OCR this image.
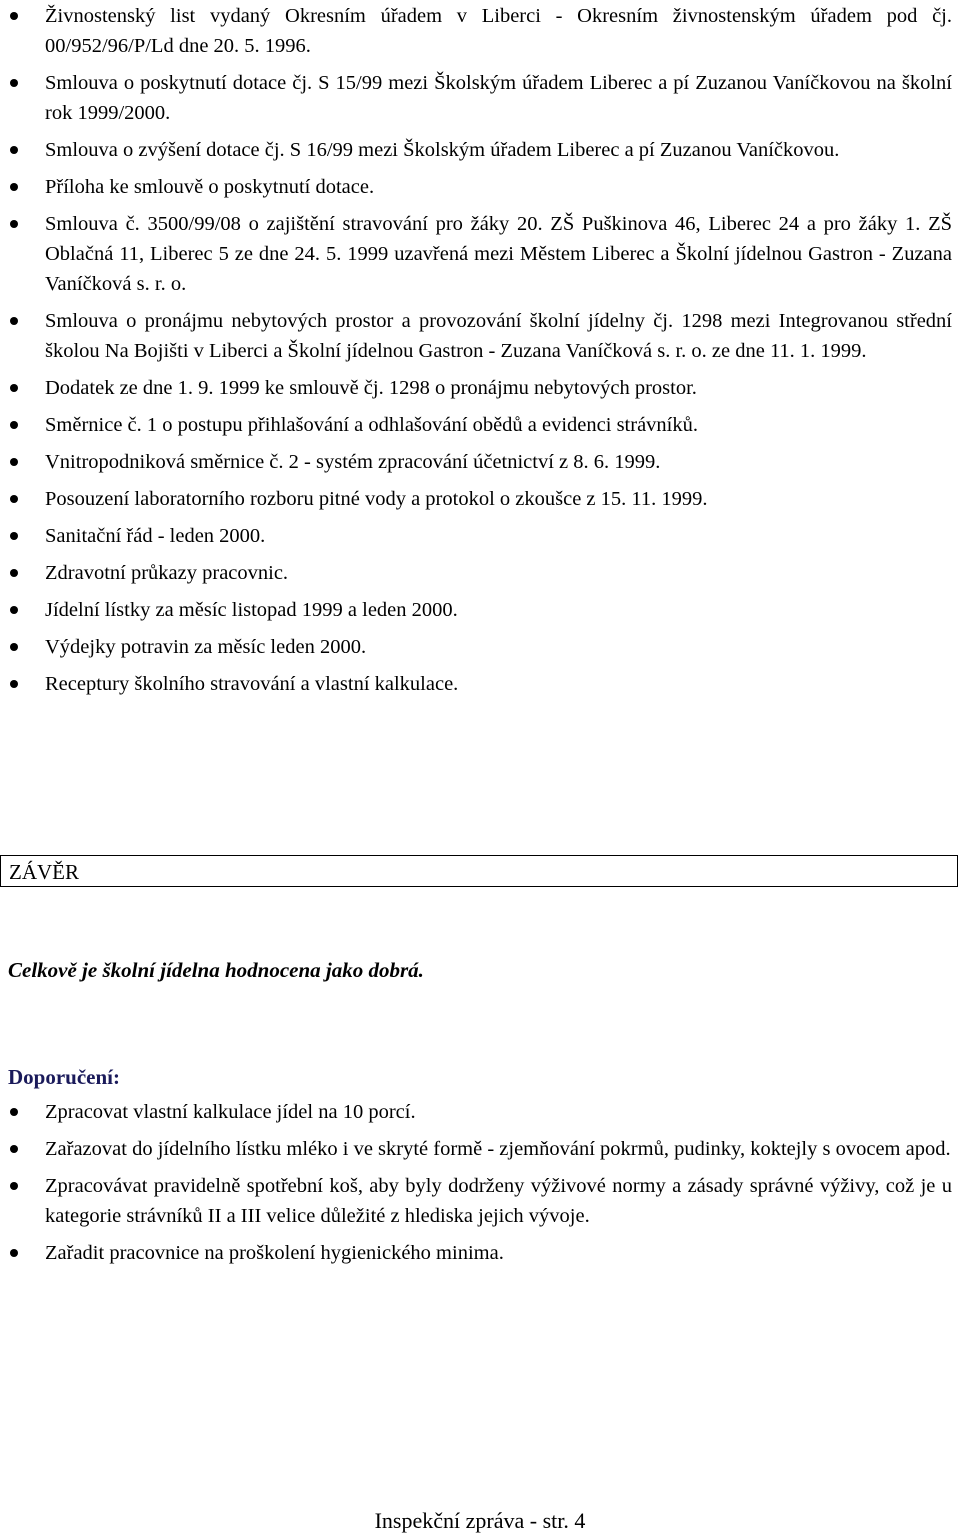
Živnostenský list vydaný Okresním úřadem v Liberci - Okresním živnostenským úřadem pod čj. 00/952/96/P/Ld dne 20. 5. 1996.
Smlouva o poskytnutí dotace čj. S 15/99 mezi Školským úřadem Liberec a pí Zuzanou Vaníčkovou na školní rok 1999/2000.
Smlouva o zvýšení dotace čj. S 16/99 mezi Školským úřadem Liberec a pí Zuzanou Vaníčkovou.
Příloha ke smlouvě o poskytnutí dotace.
Smlouva č. 3500/99/08 o zajištění stravování pro žáky 20. ZŠ Puškinova 46, Liberec 24 a pro žáky 1. ZŠ Oblačná 11, Liberec 5 ze dne 24. 5. 1999 uzavřená mezi Městem Liberec a Školní jídelnou Gastron - Zuzana Vaníčková s. r. o.
Smlouva o pronájmu nebytových prostor a provozování školní jídelny čj. 1298 mezi Integrovanou střední školou Na Bojišti v Liberci a Školní jídelnou Gastron - Zuzana Vaníčková s. r. o. ze dne 11. 1. 1999.
Dodatek ze dne 1. 9. 1999 ke smlouvě čj. 1298 o pronájmu nebytových prostor.
Směrnice č. 1 o postupu přihlašování a odhlašování obědů a evidenci strávníků.
Vnitropodniková směrnice č. 2 - systém zpracování účetnictví z 8. 6. 1999.
Posouzení laboratorního rozboru pitné vody a protokol o zkoušce z 15. 11. 1999.
Sanitační řád - leden 2000.
Zdravotní průkazy pracovnic.
Jídelní lístky za měsíc listopad 1999 a leden 2000.
Výdejky potravin za měsíc leden 2000.
Receptury školního stravování a vlastní kalkulace.
ZÁVĚR
Celkově je školní jídelna hodnocena jako dobrá.
Doporučení:
Zpracovat vlastní kalkulace jídel na 10 porcí.
Zařazovat do jídelního lístku mléko i ve skryté formě - zjemňování pokrmů, pudinky, koktejly s ovocem apod.
Zpracovávat pravidelně spotřební koš, aby byly dodrženy výživové normy a zásady správné výživy, což je u kategorie strávníků II a III velice důležité z hlediska jejich vývoje.
Zařadit pracovnice na proškolení hygienického minima.
Inspekční zpráva - str. 4
